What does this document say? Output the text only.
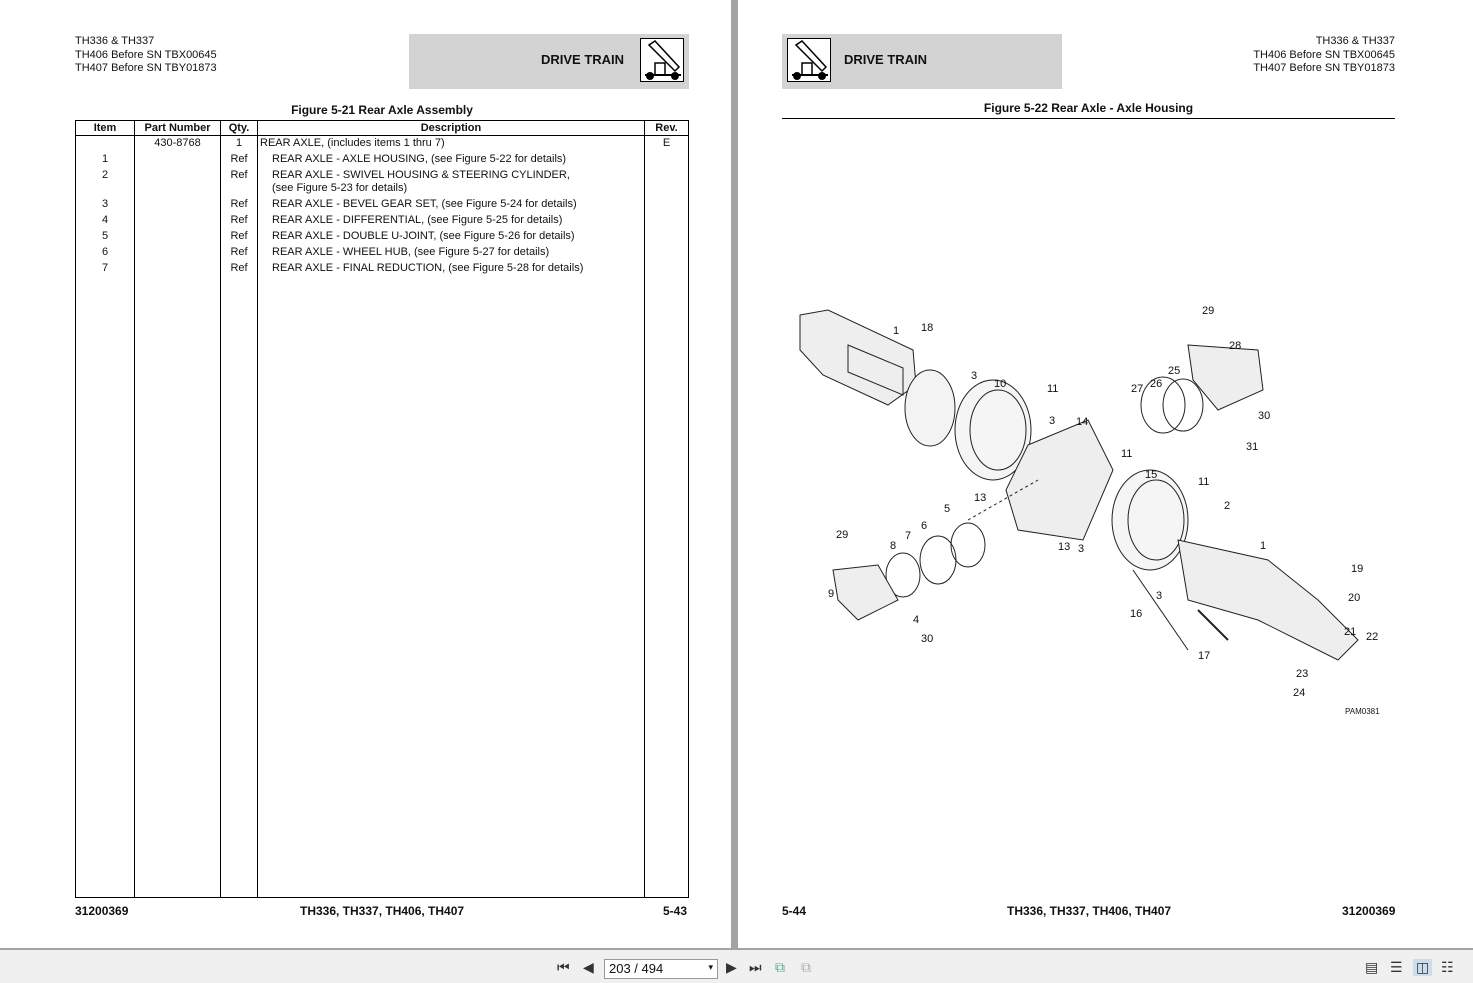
TH336 & TH337
TH406 Before SN TBX00645
TH407 Before SN TBY01873
DRIVE TRAIN
Figure 5-21 Rear Axle Assembly
Item	Part Number	Qty.	Description	Rev.
	430-8768	1	REAR AXLE, (includes items 1 thru 7)	E
1		Ref	REAR AXLE - AXLE HOUSING, (see Figure 5-22 for details)	

2		Ref	REAR AXLE - SWIVEL HOUSING & STEERING CYLINDER,
(see Figure 5-23 for details)	

3		Ref	REAR AXLE - BEVEL GEAR SET, (see Figure 5-24 for details)	

4		Ref	REAR AXLE - DIFFERENTIAL, (see Figure 5-25 for details)	

5		Ref	REAR AXLE - DOUBLE U-JOINT, (see Figure 5-26 for details)	

6		Ref	REAR AXLE - WHEEL HUB, (see Figure 5-27 for details)	

7		Ref	REAR AXLE - FINAL REDUCTION, (see Figure 5-28 for details)	

31200369	TH336, TH337, TH406, TH407	5-43
DRIVE TRAIN
TH336 & TH337
TH406 Before SN TBX00645
TH407 Before SN TBY01873
Figure 5-22 Rear Axle - Axle Housing
29
1 18
28
25
26
27
3
10	11
30
3 14
31
11
15
11
13
2
5
6
29	7
8	13 3	1
19
9	20
3
16
4
30
21 22
17
23
24
PAM0381
5-44	TH336, TH337, TH406, TH407	31200369
⏮ ◀	▶ ⏭ ⧉ ⧉	▤ ☰ ◫ ☷
203 / 494	▾
